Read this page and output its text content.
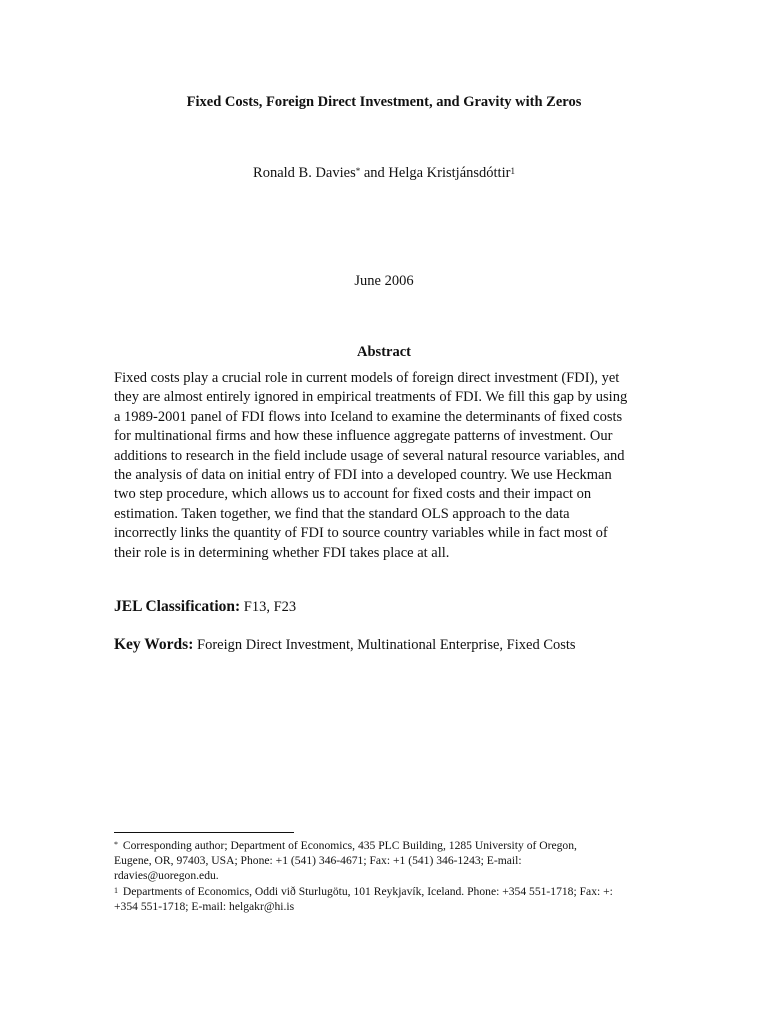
Fixed Costs, Foreign Direct Investment, and Gravity with Zeros
Ronald B. Davies* and Helga Kristjánsdóttir$^1$
June 2006
Abstract
Fixed costs play a crucial role in current models of foreign direct investment (FDI), yet
they are almost entirely ignored in empirical treatments of FDI. We fill this gap by using
a 1989-2001 panel of FDI flows into Iceland to examine the determinants of fixed costs
for multinational firms and how these influence aggregate patterns of investment. Our
additions to research in the field include usage of several natural resource variables, and
the analysis of data on initial entry of FDI into a developed country. We use Heckman
two step procedure, which allows us to account for fixed costs and their impact on
estimation. Taken together, we find that the standard OLS approach to the data
incorrectly links the quantity of FDI to source country variables while in fact most of
their role is in determining whether FDI takes place at all.
JEL Classification: F13, F23
Key Words: Foreign Direct Investment, Multinational Enterprise, Fixed Costs
* Corresponding author; Department of Economics, 435 PLC Building, 1285 University of Oregon,
Eugene, OR, 97403, USA; Phone: +1 (541) 346-4671; Fax: +1 (541) 346-1243; E-mail:
rdavies@uoregon.edu.
$^1$ Departments of Economics, Oddi við Sturlugötu, 101 Reykjavík, Iceland. Phone: +354 551-1718; Fax: +:
+354 551-1718; E-mail: helgakr@hi.is
